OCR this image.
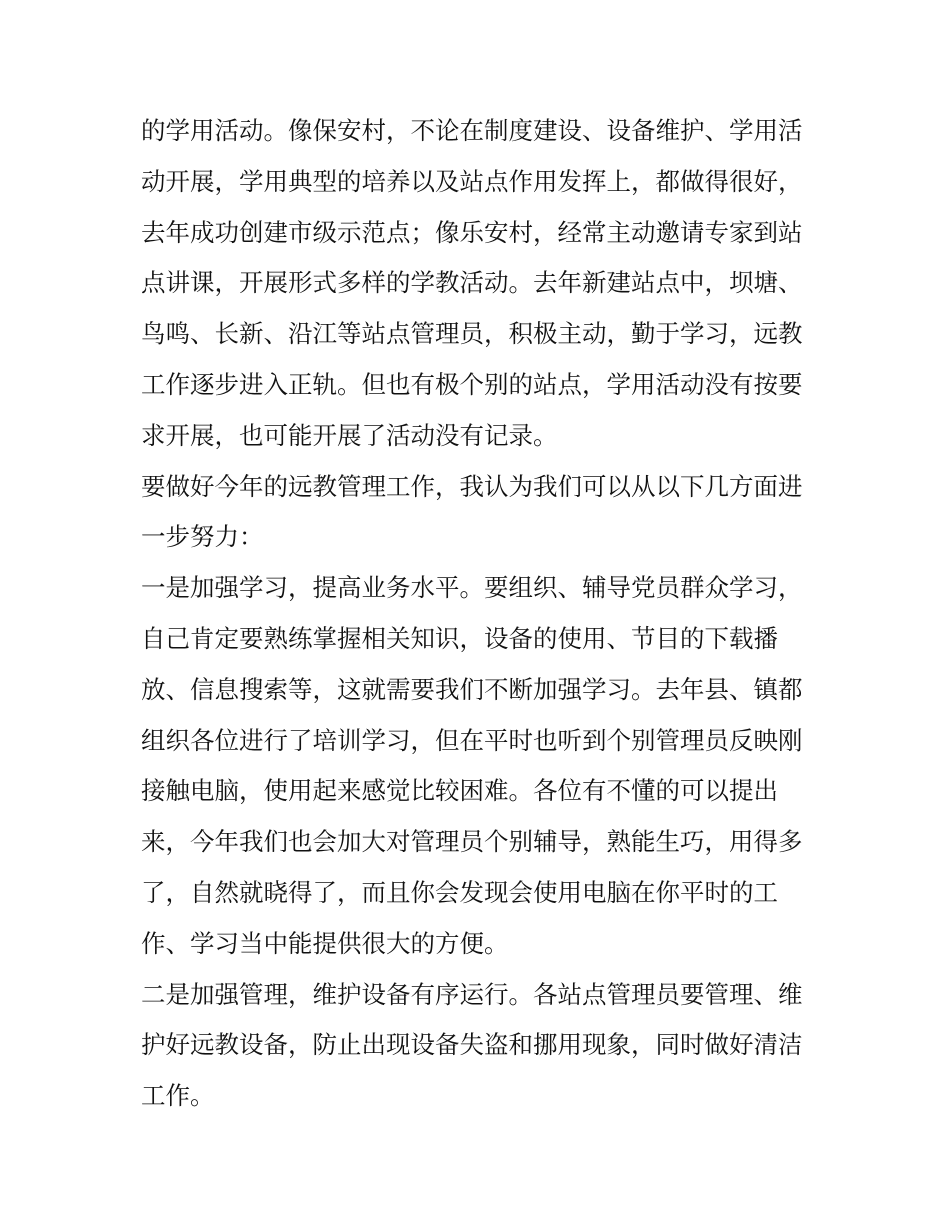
的学用活动。像保安村，不论在制度建设、设备维护、学用活
动开展，学用典型的培养以及站点作用发挥上，都做得很好，
去年成功创建市级示范点；像乐安村，经常主动邀请专家到站
点讲课，开展形式多样的学教活动。去年新建站点中，坝塘、
鸟鸣、长新、沿江等站点管理员，积极主动，勤于学习，远教
工作逐步进入正轨。但也有极个别的站点，学用活动没有按要
求开展，也可能开展了活动没有记录。
要做好今年的远教管理工作，我认为我们可以从以下几方面进
一步努力：
一是加强学习，提高业务水平。要组织、辅导党员群众学习，
自己肯定要熟练掌握相关知识，设备的使用、节目的下载播
放、信息搜索等，这就需要我们不断加强学习。去年县、镇都
组织各位进行了培训学习，但在平时也听到个别管理员反映刚
接触电脑，使用起来感觉比较困难。各位有不懂的可以提出
来，今年我们也会加大对管理员个别辅导，熟能生巧，用得多
了，自然就晓得了，而且你会发现会使用电脑在你平时的工
作、学习当中能提供很大的方便。
二是加强管理，维护设备有序运行。各站点管理员要管理、维
护好远教设备，防止出现设备失盗和挪用现象，同时做好清洁
工作。
